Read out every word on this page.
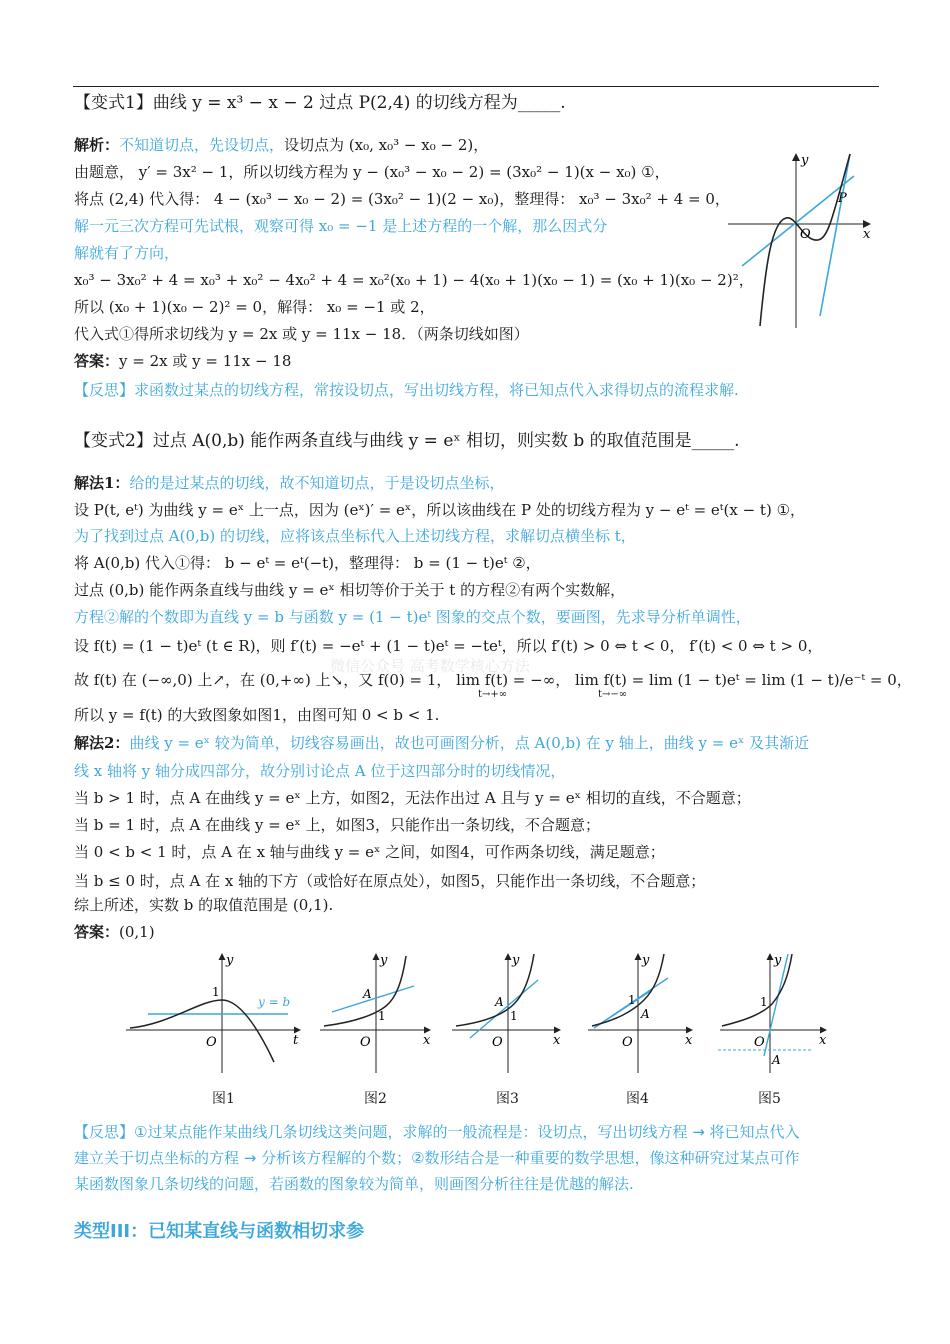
【变式1】曲线 y = x³ − x − 2 过点 P(2,4) 的切线方程为_____.
解析：不知道切点，先设切点，设切点为 (x₀, x₀³ − x₀ − 2)，
由题意， y′ = 3x² − 1，所以切线方程为 y − (x₀³ − x₀ − 2) = (3x₀² − 1)(x − x₀) ①，
将点 (2,4) 代入得： 4 − (x₀³ − x₀ − 2) = (3x₀² − 1)(2 − x₀)，整理得： x₀³ − 3x₀² + 4 = 0，
解一元三次方程可先试根，观察可得 x₀ = −1 是上述方程的一个解，那么因式分
解就有了方向，
x₀³ − 3x₀² + 4 = x₀³ + x₀² − 4x₀² + 4 = x₀²(x₀ + 1) − 4(x₀ + 1)(x₀ − 1) = (x₀ + 1)(x₀ − 2)²，
所以 (x₀ + 1)(x₀ − 2)² = 0，解得： x₀ = −1 或 2，
代入式①得所求切线为 y = 2x 或 y = 11x − 18．（两条切线如图）
答案：y = 2x 或 y = 11x − 18
【反思】求函数过某点的切线方程，常按设切点，写出切线方程，将已知点代入求得切点的流程求解.
y
x
O
P
【变式2】过点 A(0,b) 能作两条直线与曲线 y = eˣ 相切，则实数 b 的取值范围是_____.
解法1：给的是过某点的切线，故不知道切点，于是设切点坐标，
设 P(t, eᵗ) 为曲线 y = eˣ 上一点，因为 (eˣ)′ = eˣ，所以该曲线在 P 处的切线方程为 y − eᵗ = eᵗ(x − t) ①，
为了找到过点 A(0,b) 的切线，应将该点坐标代入上述切线方程，求解切点横坐标 t，
将 A(0,b) 代入①得： b − eᵗ = eᵗ(−t)，整理得： b = (1 − t)eᵗ ②，
过点 (0,b) 能作两条直线与曲线 y = eˣ 相切等价于关于 t 的方程②有两个实数解，
方程②解的个数即为直线 y = b 与函数 y = (1 − t)eᵗ 图象的交点个数，要画图，先求导分析单调性，
设 f(t) = (1 − t)eᵗ (t ∈ R)，则 f′(t) = −eᵗ + (1 − t)eᵗ = −teᵗ，所以 f′(t) > 0 ⇔ t < 0， f′(t) < 0 ⇔ t > 0，
故 f(t) 在 (−∞,0) 上↗，在 (0,+∞) 上↘，又 f(0) = 1， lim f(t) = −∞， lim f(t) = lim (1 − t)eᵗ = lim (1 − t)/e⁻ᵗ = 0，
t→+∞	t→−∞
所以 y = f(t) 的大致图象如图1，由图可知 0 < b < 1.
解法2：曲线 y = eˣ 较为简单，切线容易画出，故也可画图分析，点 A(0,b) 在 y 轴上，曲线 y = eˣ 及其渐近
线 x 轴将 y 轴分成四部分，故分别讨论点 A 位于这四部分时的切线情况，
当 b > 1 时，点 A 在曲线 y = eˣ 上方，如图2，无法作出过 A 且与 y = eˣ 相切的直线，不合题意；
当 b = 1 时，点 A 在曲线 y = eˣ 上，如图3，只能作出一条切线，不合题意；
当 0 < b < 1 时，点 A 在 x 轴与曲线 y = eˣ 之间，如图4，可作两条切线，满足题意；
当 b ≤ 0 时，点 A 在 x 轴的下方（或恰好在原点处），如图5，只能作出一条切线，不合题意；
综上所述，实数 b 的取值范围是 (0,1).
答案：(0,1)
y
t
O
1
y = b
y
x
O
1
A
y
x
O
1
A
y
x
O
1
A
y
x
O
1
A
图1	图2	图3	图4	图5
【反思】①过某点能作某曲线几条切线这类问题，求解的一般流程是：设切点，写出切线方程 → 将已知点代入
建立关于切点坐标的方程 → 分析该方程解的个数；②数形结合是一种重要的数学思想，像这种研究过某点可作
某函数图象几条切线的问题，若函数的图象较为简单，则画图分析往往是优越的解法.
类型III：已知某直线与函数相切求参
微信公众号 高考数学核心方法
